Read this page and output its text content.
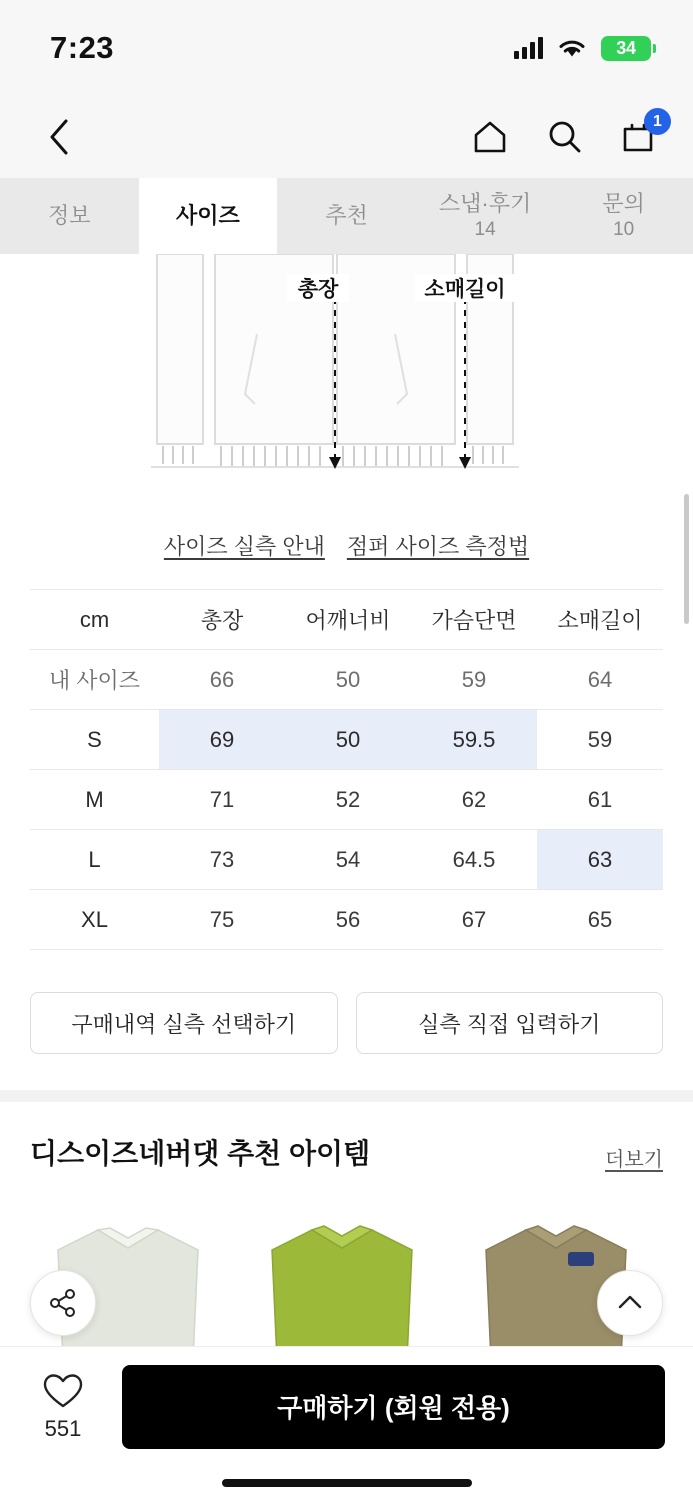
7:23	34
1
정보	사이즈	추천	스냅·후기
14
문의
10
총장	소매길이
사이즈 실측 안내 점퍼 사이즈 측정법
cm	총장	어깨너비	가슴단면	소매길이
내 사이즈	66	50	59	64
S	69	50	59.5	59
M	71	52	62	61
L	73	54	64.5	63
XL	75	56	67	65
구매내역 실측 선택하기	실측 직접 입력하기
디스이즈네버댓 추천 아이템	더보기
551
구매하기 (회원 전용)
